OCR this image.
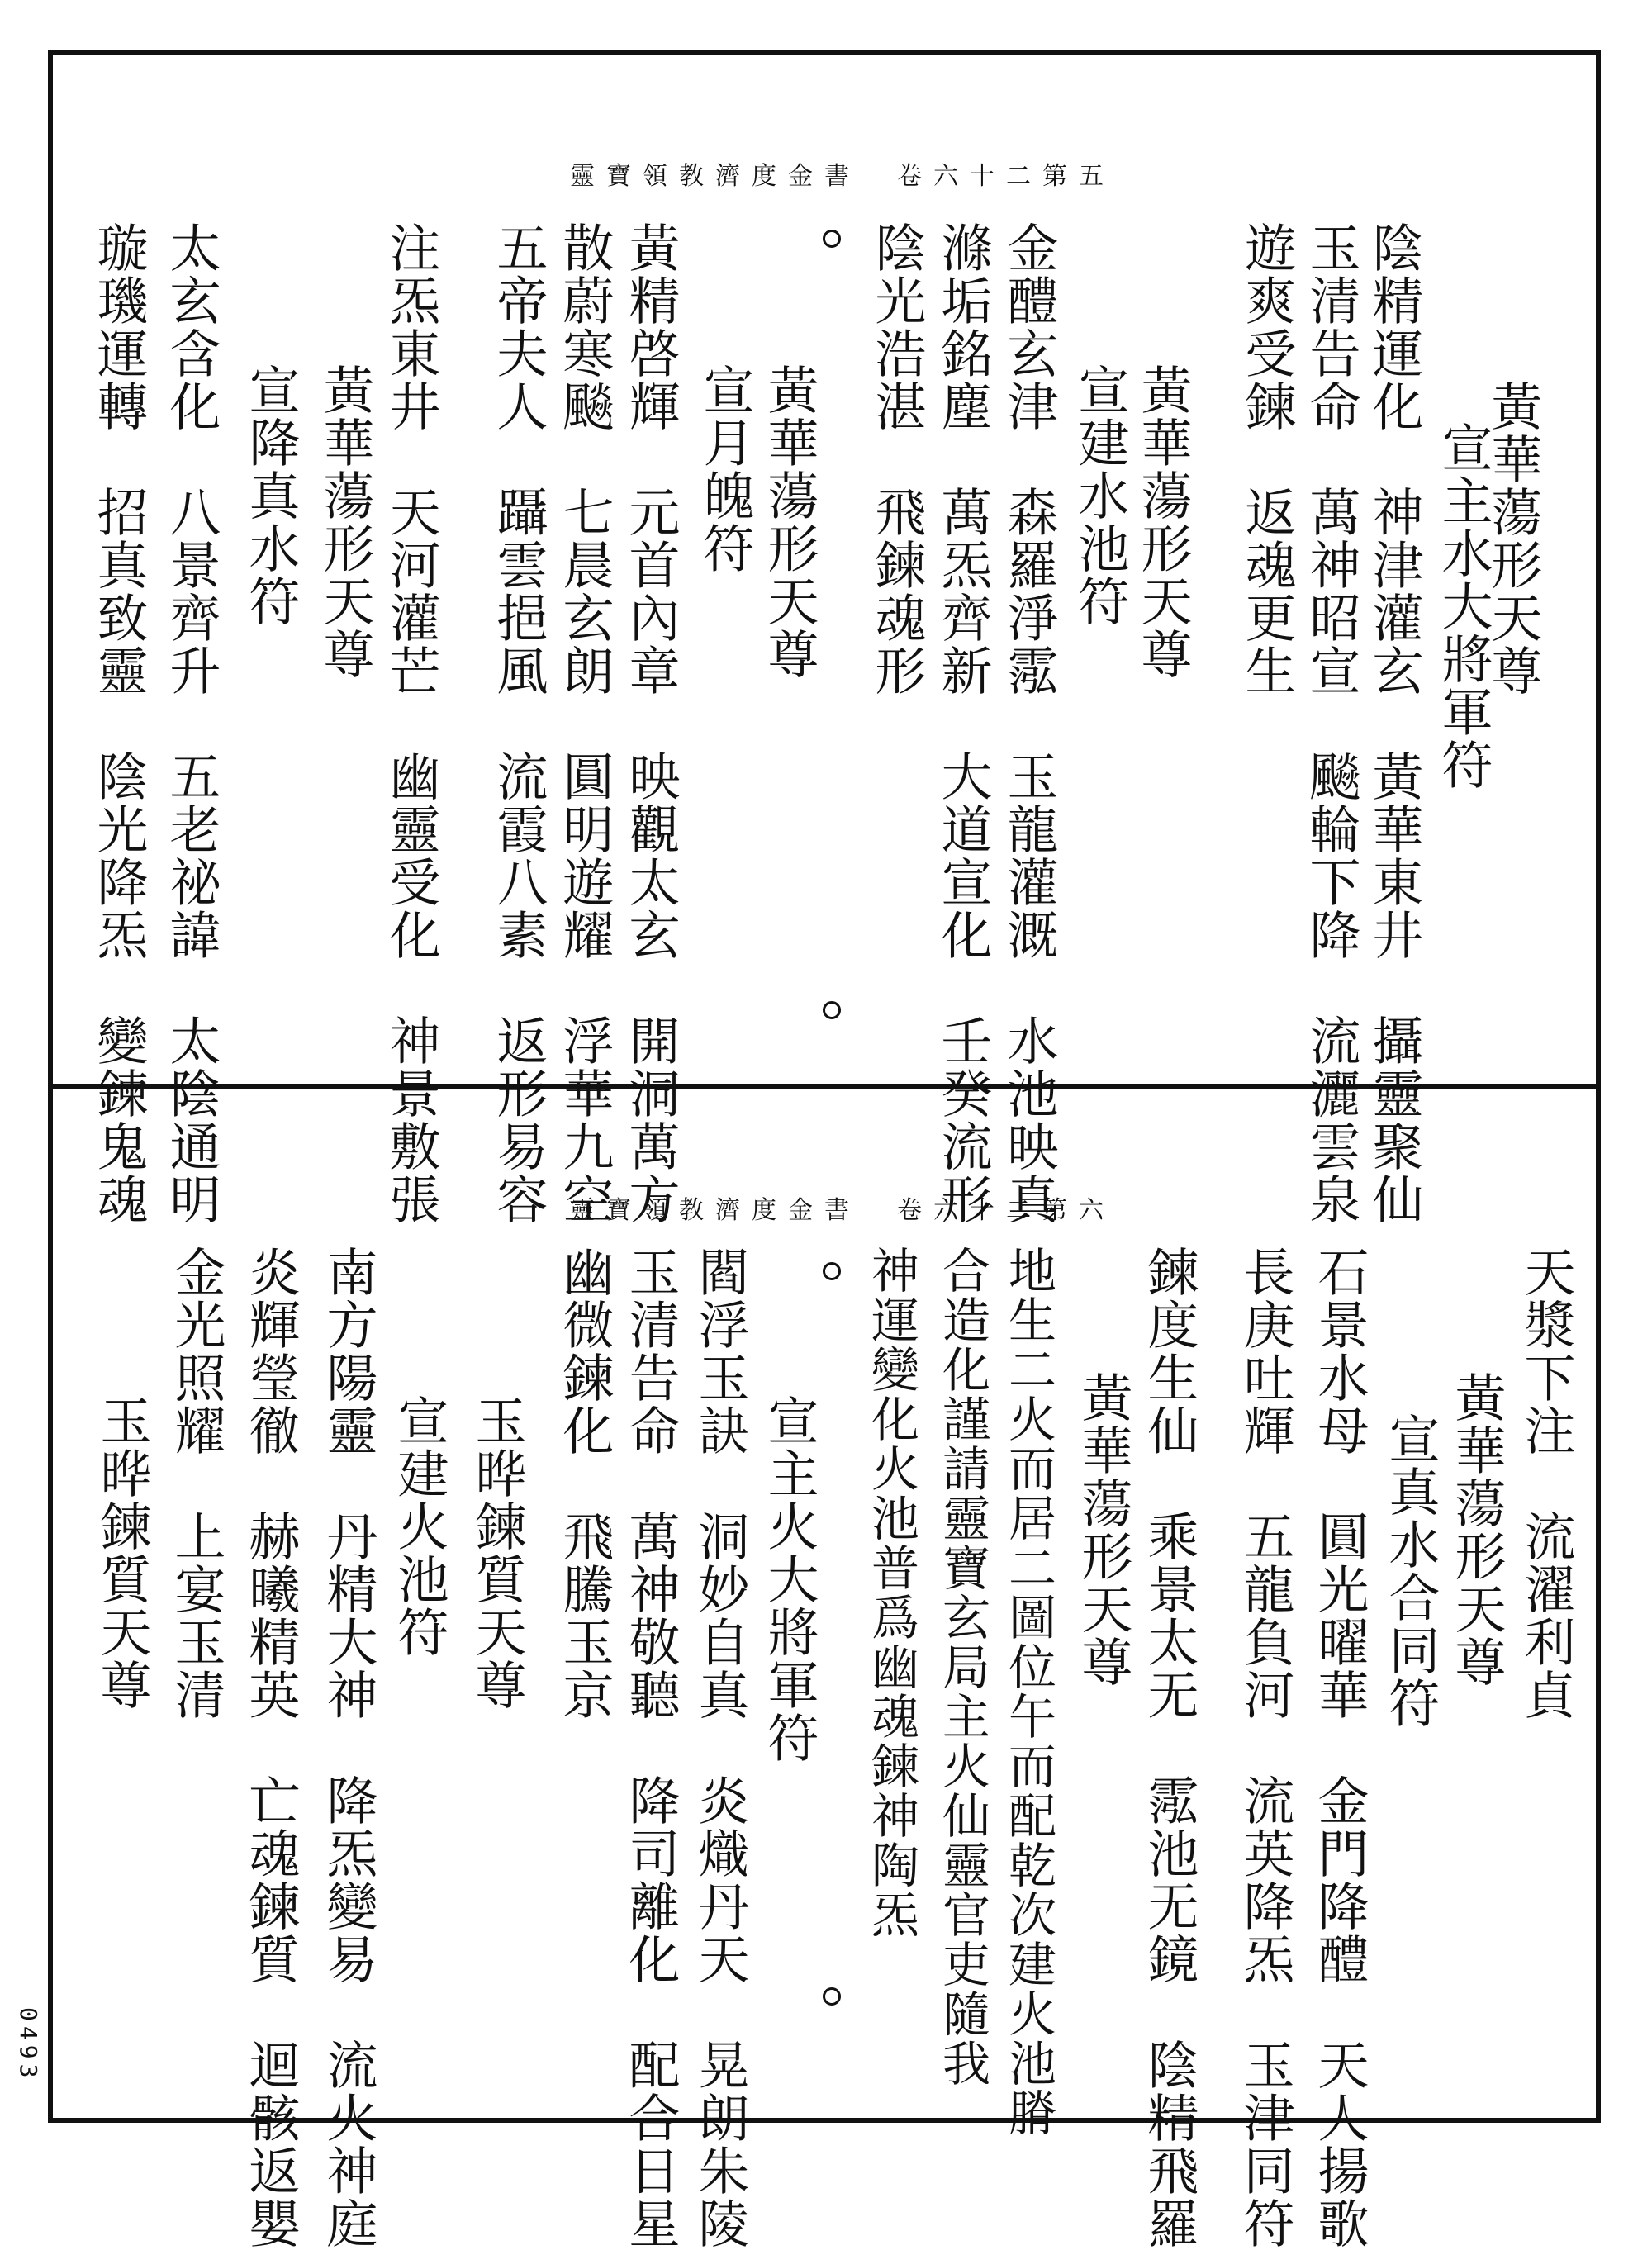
靈寶領教濟度金書　卷六十二第五
黃華蕩形天尊
宣主水大將軍符
陰精運化　神津灌玄　黃華東井　攝靈聚仙
玉清告命　萬神昭宣　飈輪下降　流灑雲泉
遊爽受鍊　返魂更生
黃華蕩形天尊
宣建水池符
金醴玄津　森羅淨霐　玉龍灌溉　水池映真
滌垢銘塵　萬炁齊新　大道宣化　壬癸流形
陰光浩湛　飛鍊魂形
黃華蕩形天尊
宣月魄符
黃精啓輝　元首內章　映觀太玄　開洞萬方
散蔚寒飈　七晨玄朗　圓明遊耀　浮華九空
五帝夫人　躡雲挹風　流霞八素　返形易容
注炁東井　天河灌芒　幽靈受化　神景敷張
黃華蕩形天尊
宣降真水符
太玄含化　八景齊升　五老祕諱　太陰通明
璇璣運轉　招真致靈　陰光降炁　變鍊鬼魂	靈寶領教濟度金書　卷六十二第六
天漿下注　流濯利貞
黃華蕩形天尊
宣真水合同符
石景水母　圓光曜華　金門降醴　天人揚歌
長庚吐輝　五龍負河　流英降炁　玉津同符
鍊度生仙　乘景太无　霐池无鏡　陰精飛羅
黃華蕩形天尊
地生二火而居二圖位午而配乾次建火池膌
合造化謹請靈寶玄局主火仙靈官吏隨我
神運變化火池普爲幽魂鍊神陶炁
宣主火大將軍符
閻浮玉訣　洞妙自真　炎熾丹天　晃朗朱陵
玉清告命　萬神敬聽　降司離化　配合日星
幽微鍊化　飛騰玉京
玉晔鍊質天尊
宣建火池符
南方陽靈　丹精大神　降炁變易　流火神庭
炎輝瑩徹　赫曦精英　亡魂鍊質　迴骸返嬰
金光照耀　上宴玉清
玉晔鍊質天尊
0493
